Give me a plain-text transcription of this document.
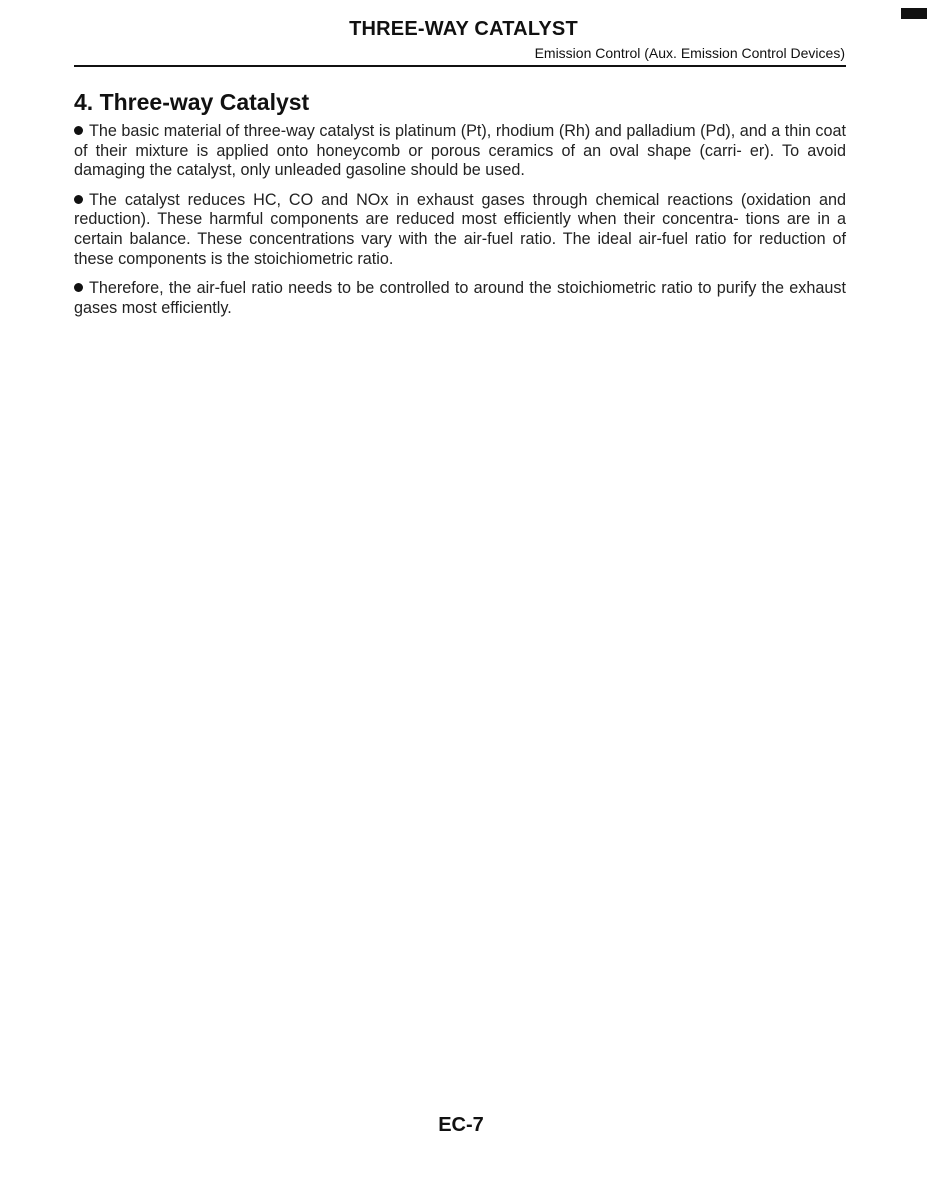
THREE-WAY CATALYST
Emission Control (Aux. Emission Control Devices)
4. Three-way Catalyst

The basic material of three-way catalyst is platinum (Pt), rhodium (Rh) and palladium (Pd), and a thin coat of their mixture is applied onto honeycomb or porous ceramics of an oval shape (carri- er). To avoid damaging the catalyst, only unleaded gasoline should be used.

The catalyst reduces HC, CO and NOx in exhaust gases through chemical reactions (oxidation and reduction). These harmful components are reduced most efficiently when their concentra- tions are in a certain balance. These concentrations vary with the air-fuel ratio. The ideal air-fuel ratio for reduction of these components is the stoichiometric ratio.

Therefore, the air-fuel ratio needs to be controlled to around the stoichiometric ratio to purify the exhaust gases most efficiently.

EC-7
